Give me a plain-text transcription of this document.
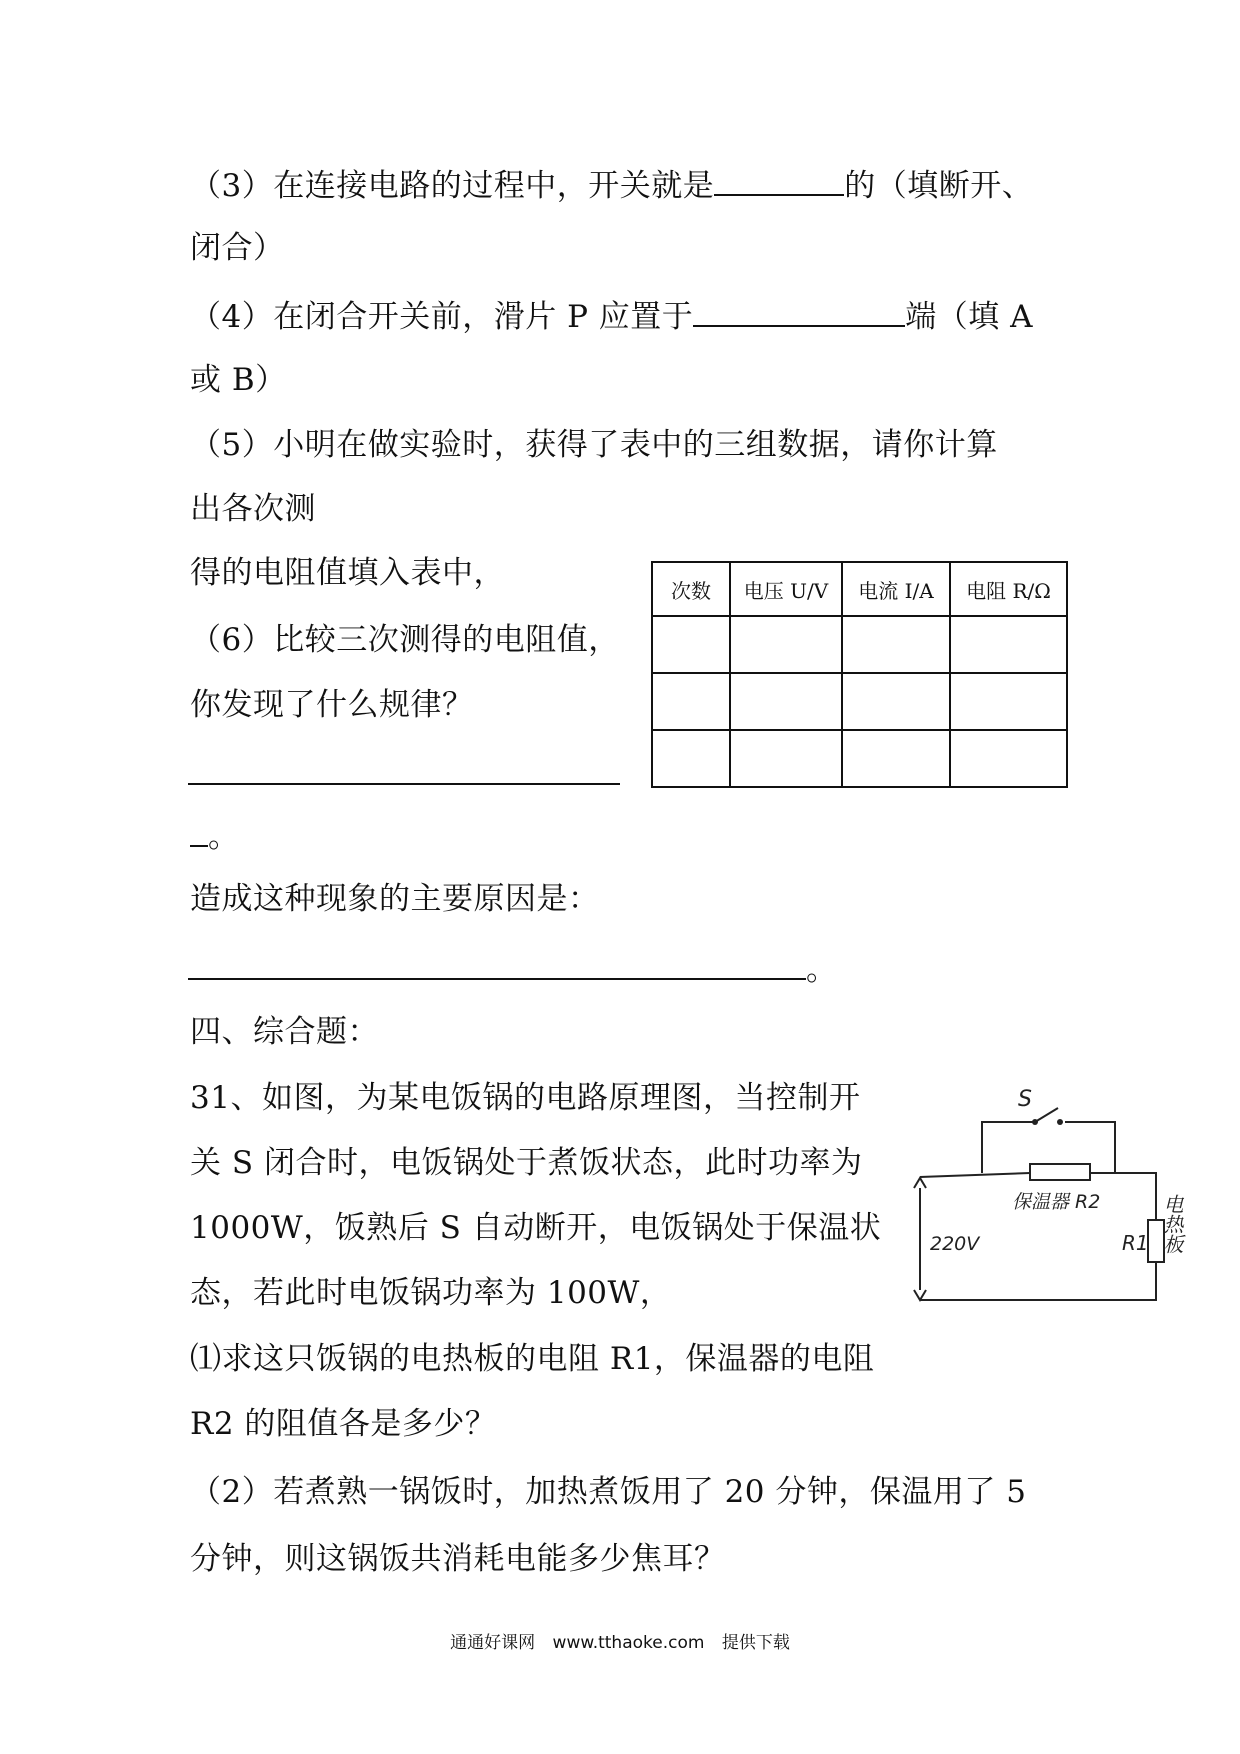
（3）在连接电路的过程中，开关就是	的（填断开、
闭合）
（4）在闭合开关前，滑片 P 应置于	端（填 A
或 B）
（5）小明在做实验时，获得了表中的三组数据，请你计算
出各次测
得的电阻值填入表中，
（6）比较三次测得的电阻值，
你发现了什么规律？
。
次数	电压 U/V	电流 I/A	电阻 R/Ω

造成这种现象的主要原因是：
。
四、综合题：
31、如图，为某电饭锅的电路原理图，当控制开
关 S 闭合时，电饭锅处于煮饭状态，此时功率为
1000W，饭熟后 S 自动断开，电饭锅处于保温状
态，若此时电饭锅功率为 100W，
⑴求这只饭锅的电热板的电阻 R1，保温器的电阻
R2 的阻值各是多少？
（2）若煮熟一锅饭时，加热煮饭用了 20 分钟，保温用了 5
分钟，则这锅饭共消耗电能多少焦耳？
S
保温器 R2
R1 电热板
220V
通通好课网 www.tthaoke.com 提供下载
